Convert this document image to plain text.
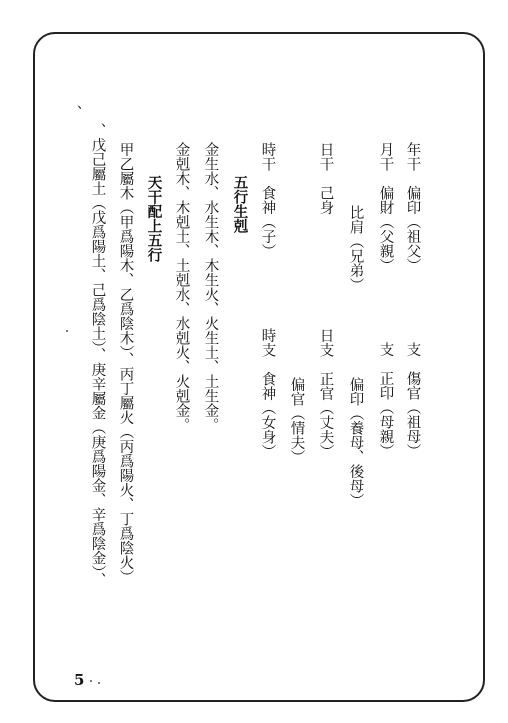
年干　偏印（祖父）
支　傷官（祖母）
月干　偏財（父親）
支　正印（母親）
比肩（兄弟）
偏印（養母、後母）
日干　己身
日支　正官（丈夫）
偏官（情夫）
時干　食神（子）
時支　食神（女身）
五行生剋
金生水、水生木、木生火、火生土、土生金。
金剋木、木剋土、土剋水、水剋火、火剋金。
天干配上五行
甲乙屬木（甲爲陽木、乙爲陰木）、丙丁屬火（丙爲陽火、丁爲陰火）
、戊己屬土（戊爲陽土、己爲陰土）、庚辛屬金（庚爲陽金、辛爲陰金）、
、
5
